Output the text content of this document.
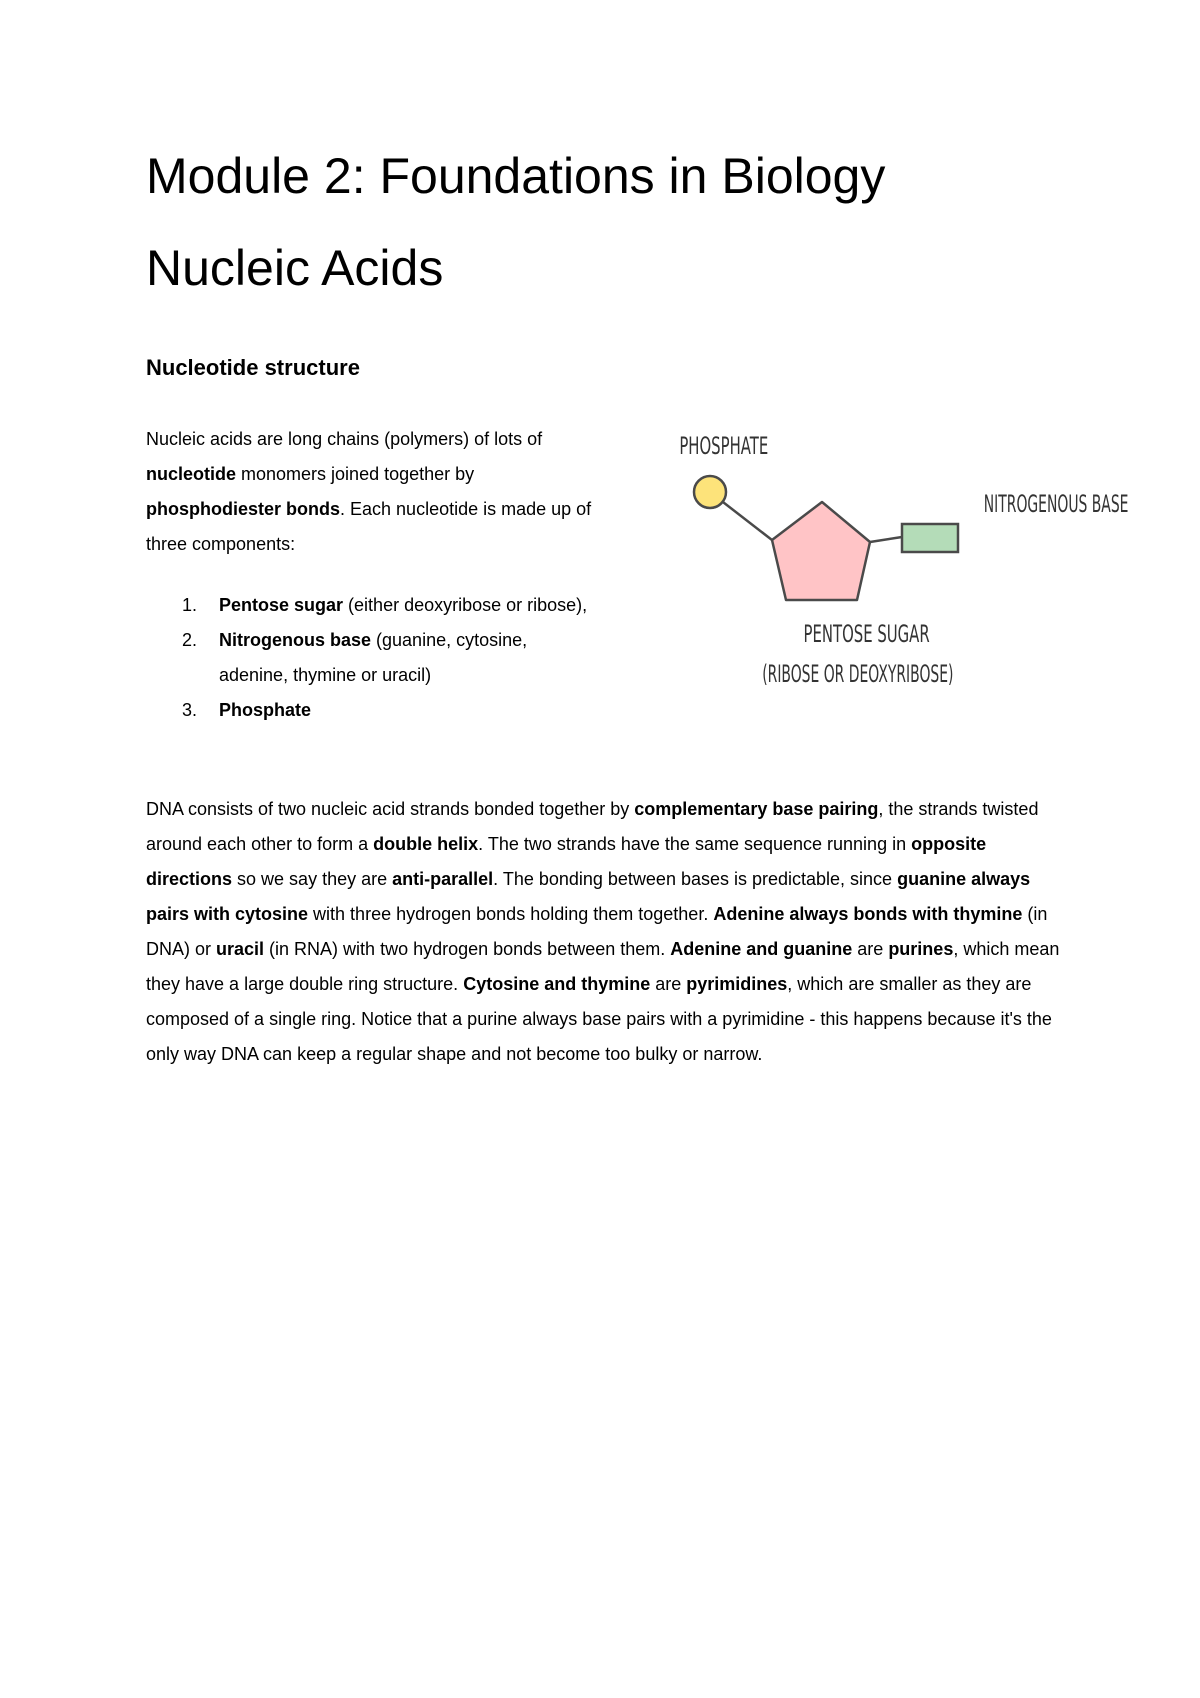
Module 2: Foundations in Biology
Nucleic Acids
Nucleotide structure

Nucleic acids are long chains (polymers) of lots of nucleotide monomers joined together by phosphodiester bonds. Each nucleotide is made up of three components:

1. Pentose sugar (either deoxyribose or ribose),
2. Nitrogenous base (guanine, cytosine, adenine, thymine or uracil)
3. Phosphate
PHOSPHATE
NITROGENOUS BASE
PENTOSE SUGAR
(RIBOSE OR DEOXYRIBOSE)

DNA consists of two nucleic acid strands bonded together by complementary base pairing, the strands twisted around each other to form a double helix. The two strands have the same sequence running in opposite directions so we say they are anti-parallel. The bonding between bases is predictable, since guanine always pairs with cytosine with three hydrogen bonds holding them together. Adenine always bonds with thymine (in DNA) or uracil (in RNA) with two hydrogen bonds between them. Adenine and guanine are purines, which mean they have a large double ring structure. Cytosine and thymine are pyrimidines, which are smaller as they are composed of a single ring. Notice that a purine always base pairs with a pyrimidine - this happens because it's the only way DNA can keep a regular shape and not become too bulky or narrow.
